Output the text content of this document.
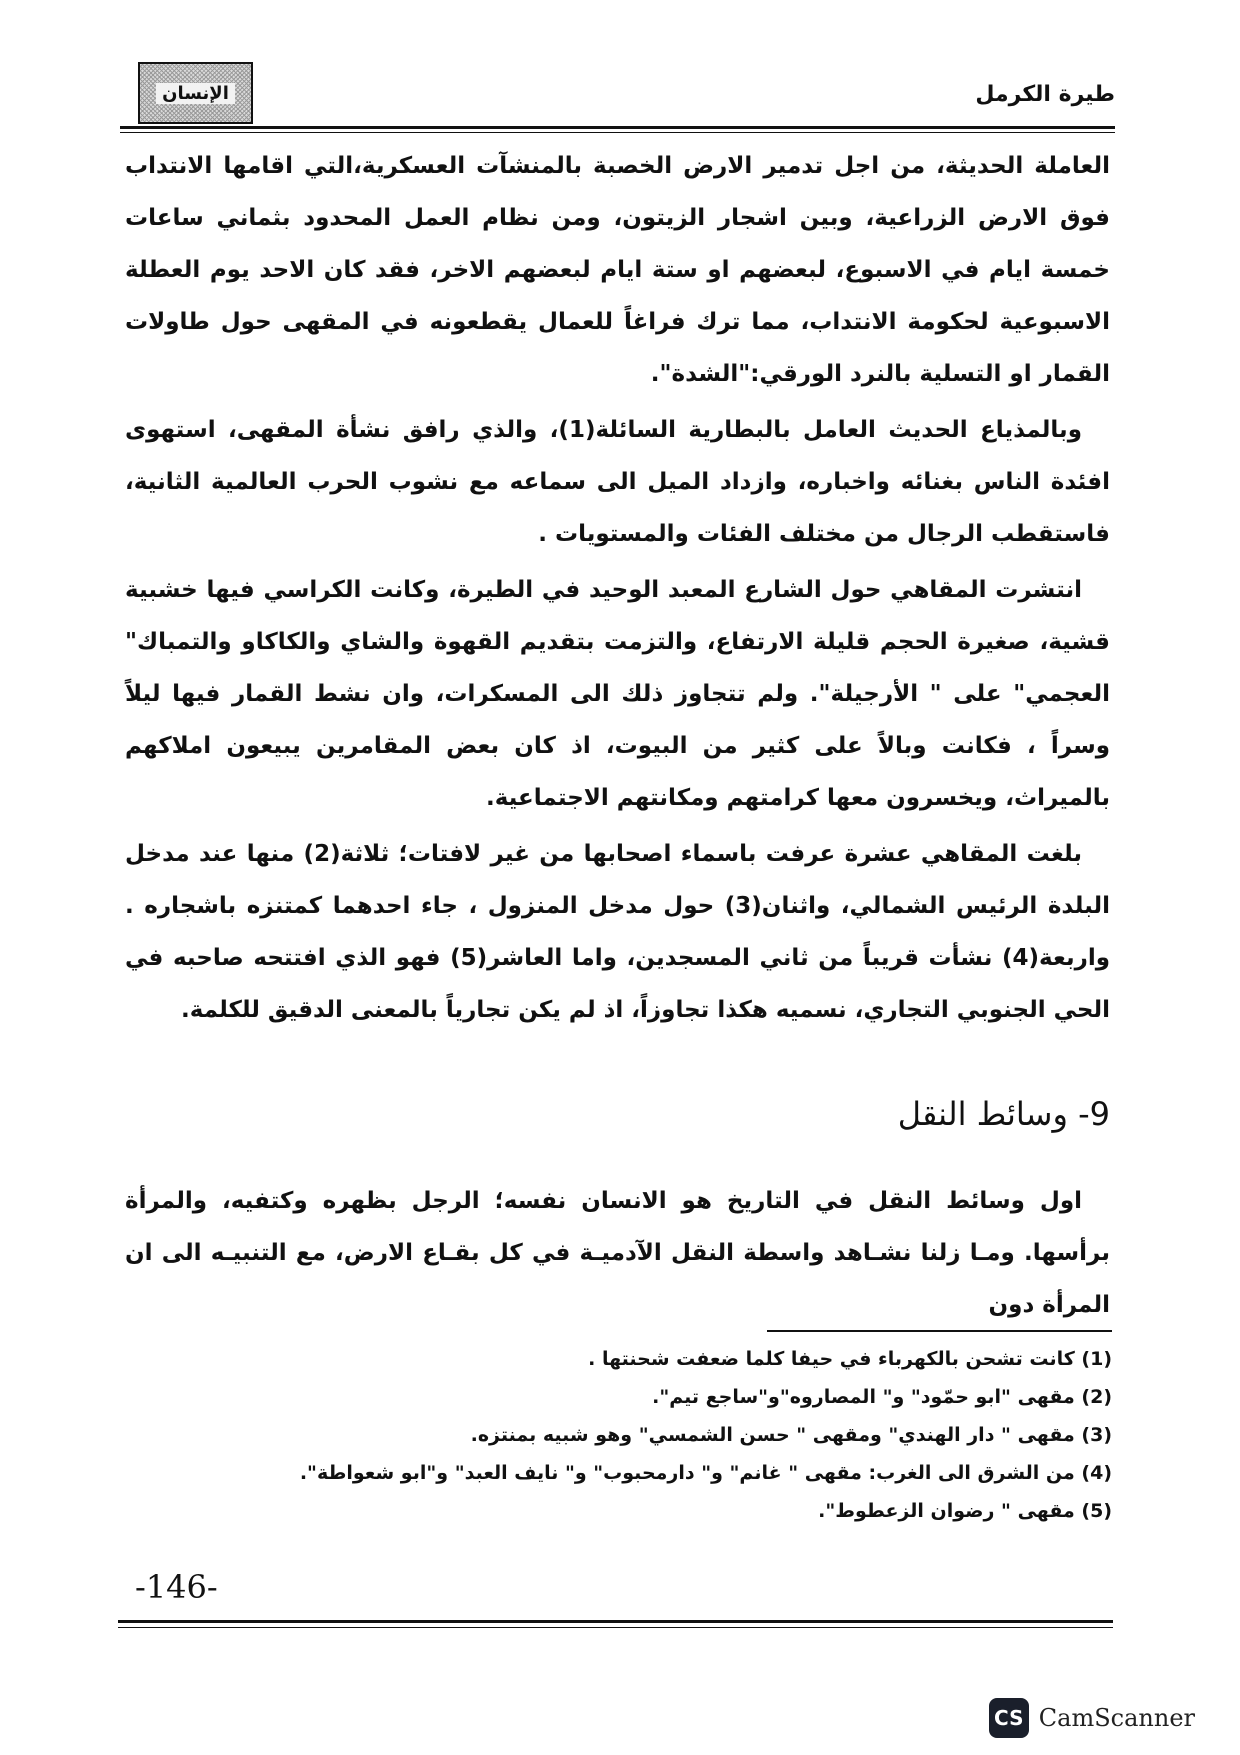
الإنسان	طيرة الكرمل

العاملة الحديثة، من اجل تدمير الارض الخصبة بالمنشآت العسكرية،التي اقامها الانتداب فوق الارض الزراعية، وبين اشجار الزيتون، ومن نظام العمل المحدود بثماني ساعات خمسة ايام في الاسبوع، لبعضهم او ستة ايام لبعضهم الاخر، فقد كان الاحد يوم العطلة الاسبوعية لحكومة الانتداب، مما ترك فراغاً للعمال يقطعونه في المقهى حول طاولات القمار او التسلية بالنرد الورقي:"الشدة".

وبالمذياع الحديث العامل بالبطارية السائلة(1)، والذي رافق نشأة المقهى، استهوى افئدة الناس بغنائه واخباره، وازداد الميل الى سماعه مع نشوب الحرب العالمية الثانية، فاستقطب الرجال من مختلف الفئات والمستويات .

انتشرت المقاهي حول الشارع المعبد الوحيد في الطيرة، وكانت الكراسي فيها خشبية قشية، صغيرة الحجم قليلة الارتفاع، والتزمت بتقديم القهوة والشاي والكاكاو والتمباك" العجمي" على " الأرجيلة". ولم تتجاوز ذلك الى المسكرات، وان نشط القمار فيها ليلاً وسراً ، فكانت وبالاً على كثير من البيوت، اذ كان بعض المقامرين يبيعون املاكهم بالميراث، ويخسرون معها كرامتهم ومكانتهم الاجتماعية.

بلغت المقاهي عشرة عرفت باسماء اصحابها من غير لافتات؛ ثلاثة(2) منها عند مدخل البلدة الرئيس الشمالي، واثنان(3) حول مدخل المنزول ، جاء احدهما كمتنزه باشجاره . واربعة(4) نشأت قريباً من ثاني المسجدين، واما العاشر(5) فهو الذي افتتحه صاحبه في الحي الجنوبي التجاري، نسميه هكذا تجاوزاً، اذ لم يكن تجارياً بالمعنى الدقيق للكلمة.

9- وسائط النقل

اول وسائط النقل في التاريخ هو الانسان نفسه؛ الرجل بظهره وكتفيه، والمرأة برأسها. ومـا زلنا نشـاهد واسطة النقل الآدميـة في كل بقـاع الارض، مع التنبيـه الى ان المرأة دون

(1) كانت تشحن بالكهرباء في حيفا كلما ضعفت شحنتها .
(2) مقهى "ابو حمّود" و" المصاروه"و"ساجع تيم".
(3) مقهى " دار الهندي" ومقهى " حسن الشمسي" وهو شبيه بمنتزه.
(4) من الشرق الى الغرب: مقهى " غانم" و" دارمحبوب" و" نايف العبد" و"ابو شعواطة".
(5) مقهى " رضوان الزعطوط".
-146-
CS CamScanner
